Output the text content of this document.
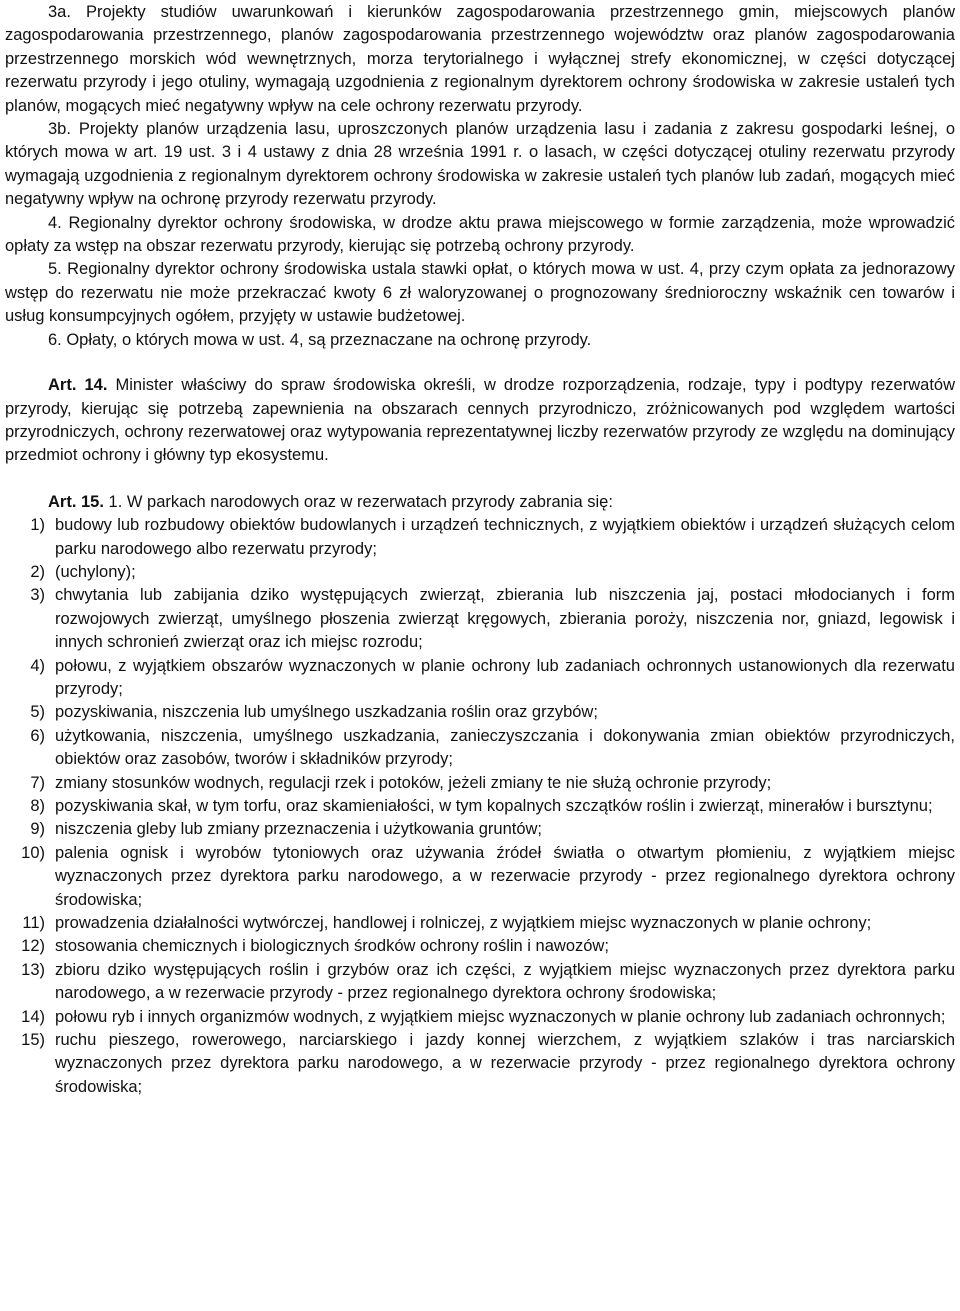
3a. Projekty studiów uwarunkowań i kierunków zagospodarowania przestrzennego gmin, miejscowych planów zagospodarowania przestrzennego, planów zagospodarowania przestrzennego województw oraz planów zagospodarowania przestrzennego morskich wód wewnętrznych, morza terytorialnego i wyłącznej strefy ekonomicznej, w części dotyczącej rezerwatu przyrody i jego otuliny, wymagają uzgodnienia z regionalnym dyrektorem ochrony środowiska w zakresie ustaleń tych planów, mogących mieć negatywny wpływ na cele ochrony rezerwatu przyrody.

3b. Projekty planów urządzenia lasu, uproszczonych planów urządzenia lasu i zadania z zakresu gospodarki leśnej, o których mowa w art. 19 ust. 3 i 4 ustawy z dnia 28 września 1991 r. o lasach, w części dotyczącej otuliny rezerwatu przyrody wymagają uzgodnienia z regionalnym dyrektorem ochrony środowiska w zakresie ustaleń tych planów lub zadań, mogących mieć negatywny wpływ na ochronę przyrody rezerwatu przyrody.

4. Regionalny dyrektor ochrony środowiska, w drodze aktu prawa miejscowego w formie zarządzenia, może wprowadzić opłaty za wstęp na obszar rezerwatu przyrody, kierując się potrzebą ochrony przyrody.

5. Regionalny dyrektor ochrony środowiska ustala stawki opłat, o których mowa w ust. 4, przy czym opłata za jednorazowy wstęp do rezerwatu nie może przekraczać kwoty 6 zł waloryzowanej o prognozowany średnioroczny wskaźnik cen towarów i usług konsumpcyjnych ogółem, przyjęty w ustawie budżetowej.

6. Opłaty, o których mowa w ust. 4, są przeznaczane na ochronę przyrody.

Art. 14. Minister właściwy do spraw środowiska określi, w drodze rozporządzenia, rodzaje, typy i podtypy rezerwatów przyrody, kierując się potrzebą zapewnienia na obszarach cennych przyrodniczo, zróżnicowanych pod względem wartości przyrodniczych, ochrony rezerwatowej oraz wytypowania reprezentatywnej liczby rezerwatów przyrody ze względu na dominujący przedmiot ochrony i główny typ ekosystemu.

Art. 15. 1. W parkach narodowych oraz w rezerwatach przyrody zabrania się:

1) budowy lub rozbudowy obiektów budowlanych i urządzeń technicznych, z wyjątkiem obiektów i urządzeń służących celom parku narodowego albo rezerwatu przyrody;
2) (uchylony);
3) chwytania lub zabijania dziko występujących zwierząt, zbierania lub niszczenia jaj, postaci młodocianych i form rozwojowych zwierząt, umyślnego płoszenia zwierząt kręgowych, zbierania poroży, niszczenia nor, gniazd, legowisk i innych schronień zwierząt oraz ich miejsc rozrodu;
4) połowu, z wyjątkiem obszarów wyznaczonych w planie ochrony lub zadaniach ochronnych ustanowionych dla rezerwatu przyrody;
5) pozyskiwania, niszczenia lub umyślnego uszkadzania roślin oraz grzybów;
6) użytkowania, niszczenia, umyślnego uszkadzania, zanieczyszczania i dokonywania zmian obiektów przyrodniczych, obiektów oraz zasobów, tworów i składników przyrody;
7) zmiany stosunków wodnych, regulacji rzek i potoków, jeżeli zmiany te nie służą ochronie przyrody;
8) pozyskiwania skał, w tym torfu, oraz skamieniałości, w tym kopalnych szczątków roślin i zwierząt, minerałów i bursztynu;
9) niszczenia gleby lub zmiany przeznaczenia i użytkowania gruntów;
10) palenia ognisk i wyrobów tytoniowych oraz używania źródeł światła o otwartym płomieniu, z wyjątkiem miejsc wyznaczonych przez dyrektora parku narodowego, a w rezerwacie przyrody - przez regionalnego dyrektora ochrony środowiska;
11) prowadzenia działalności wytwórczej, handlowej i rolniczej, z wyjątkiem miejsc wyznaczonych w planie ochrony;
12) stosowania chemicznych i biologicznych środków ochrony roślin i nawozów;
13) zbioru dziko występujących roślin i grzybów oraz ich części, z wyjątkiem miejsc wyznaczonych przez dyrektora parku narodowego, a w rezerwacie przyrody - przez regionalnego dyrektora ochrony środowiska;
14) połowu ryb i innych organizmów wodnych, z wyjątkiem miejsc wyznaczonych w planie ochrony lub zadaniach ochronnych;
15) ruchu pieszego, rowerowego, narciarskiego i jazdy konnej wierzchem, z wyjątkiem szlaków i tras narciarskich wyznaczonych przez dyrektora parku narodowego, a w rezerwacie przyrody - przez regionalnego dyrektora ochrony środowiska;
